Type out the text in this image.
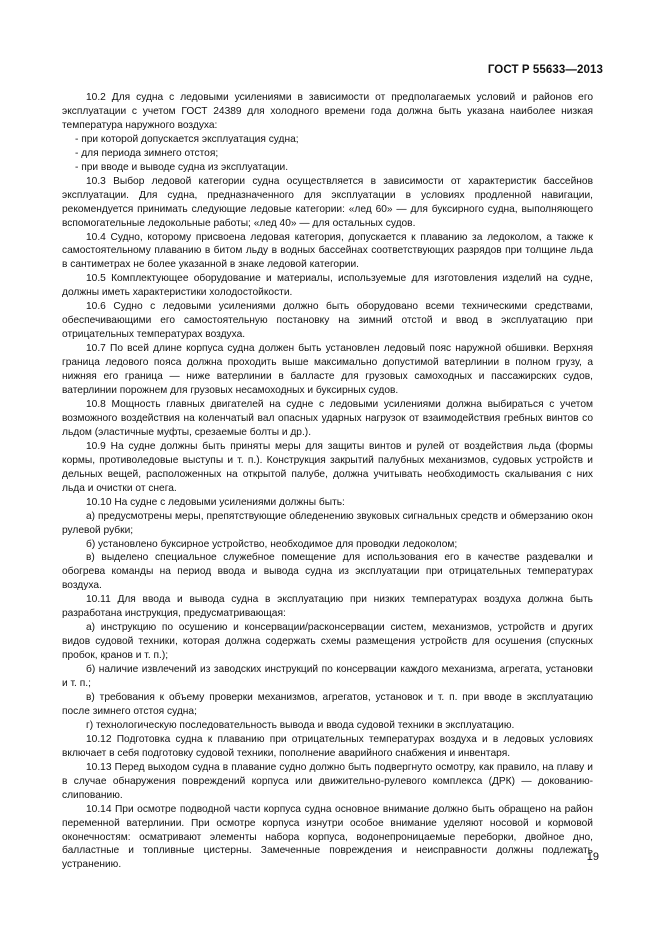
ГОСТ Р 55633—2013

10.2 Для судна с ледовыми усилениями в зависимости от предполагаемых условий и районов его эксплуатации с учетом ГОСТ 24389 для холодного времени года должна быть указана наиболее низкая температура наружного воздуха:

- при которой допускается эксплуатация судна;

- для периода зимнего отстоя;

- при вводе и выводе судна из эксплуатации.

10.3 Выбор ледовой категории судна осуществляется в зависимости от характеристик бассейнов эксплуатации. Для судна, предназначенного для эксплуатации в условиях продленной навигации, рекомендуется принимать следующие ледовые категории: «лед 60» — для буксирного судна, выполняющего вспомогательные ледокольные работы; «лед 40» — для остальных судов.

10.4 Судно, которому присвоена ледовая категория, допускается к плаванию за ледоколом, а также к самостоятельному плаванию в битом льду в водных бассейнах соответствующих разрядов при толщине льда в сантиметрах не более указанной в знаке ледовой категории.

10.5 Комплектующее оборудование и материалы, используемые для изготовления изделий на судне, должны иметь характеристики холодостойкости.

10.6 Судно с ледовыми усилениями должно быть оборудовано всеми техническими средствами, обеспечивающими его самостоятельную постановку на зимний отстой и ввод в эксплуатацию при отрицательных температурах воздуха.

10.7 По всей длине корпуса судна должен быть установлен ледовый пояс наружной обшивки. Верхняя граница ледового пояса должна проходить выше максимально допустимой ватерлинии в полном грузу, а нижняя его граница — ниже ватерлинии в балласте для грузовых самоходных и пассажирских судов, ватерлинии порожнем для грузовых несамоходных и буксирных судов.

10.8 Мощность главных двигателей на судне с ледовыми усилениями должна выбираться с учетом возможного воздействия на коленчатый вал опасных ударных нагрузок от взаимодействия гребных винтов со льдом (эластичные муфты, срезаемые болты и др.).

10.9 На судне должны быть приняты меры для защиты винтов и рулей от воздействия льда (формы кормы, противоледовые выступы и т. п.). Конструкция закрытий палубных механизмов, судовых устройств и дельных вещей, расположенных на открытой палубе, должна учитывать необходимость скалывания с них льда и очистки от снега.

10.10 На судне с ледовыми усилениями должны быть:

а) предусмотрены меры, препятствующие обледенению звуковых сигнальных средств и обмерзанию окон рулевой рубки;

б) установлено буксирное устройство, необходимое для проводки ледоколом;

в) выделено специальное служебное помещение для использования его в качестве раздевалки и обогрева команды на период ввода и вывода судна из эксплуатации при отрицательных температурах воздуха.

10.11 Для ввода и вывода судна в эксплуатацию при низких температурах воздуха должна быть разработана инструкция, предусматривающая:

а) инструкцию по осушению и консервации/расконсервации систем, механизмов, устройств и других видов судовой техники, которая должна содержать схемы размещения устройств для осушения (спускных пробок, кранов и т. п.);

б) наличие извлечений из заводских инструкций по консервации каждого механизма, агрегата, установки и т. п.;

в) требования к объему проверки механизмов, агрегатов, установок и т. п. при вводе в эксплуатацию после зимнего отстоя судна;

г) технологическую последовательность вывода и ввода судовой техники в эксплуатацию.

10.12 Подготовка судна к плаванию при отрицательных температурах воздуха и в ледовых условиях включает в себя подготовку судовой техники, пополнение аварийного снабжения и инвентаря.

10.13 Перед выходом судна в плавание судно должно быть подвергнуто осмотру, как правило, на плаву и в случае обнаружения повреждений корпуса или движительно-рулевого комплекса (ДРК) — докованию-слипованию.

10.14 При осмотре подводной части корпуса судна основное внимание должно быть обращено на район переменной ватерлинии. При осмотре корпуса изнутри особое внимание уделяют носовой и кормовой оконечностям: осматривают элементы набора корпуса, водонепроницаемые переборки, двойное дно, балластные и топливные цистерны. Замеченные повреждения и неисправности должны подлежать устранению.

19
